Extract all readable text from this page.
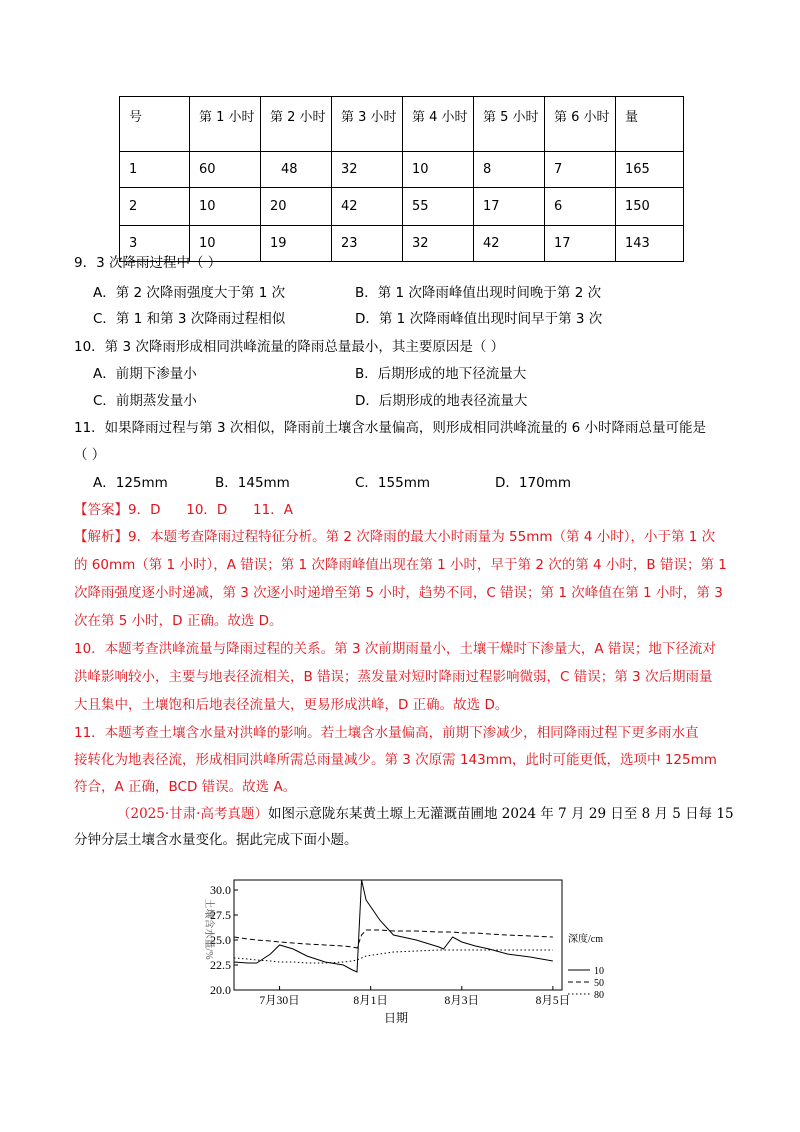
号	第 1 小时	第 2 小时	第 3 小时	第 4 小时	第 5 小时	第 6 小时	量
1	60	48	32	10	8	7	165
2	10	20	42	55	17	6	150
3	10	19	23	32	42	17	143
9．3 次降雨过程中（ ）
A．第 2 次降雨强度大于第 1 次	B．第 1 次降雨峰值出现时间晚于第 2 次
C．第 1 和第 3 次降雨过程相似	D．第 1 次降雨峰值出现时间早于第 3 次
10．第 3 次降雨形成相同洪峰流量的降雨总量最小，其主要原因是（ ）
A．前期下渗量小	B．后期形成的地下径流量大
C．前期蒸发量小	D．后期形成的地表径流量大
11．如果降雨过程与第 3 次相似，降雨前土壤含水量偏高，则形成相同洪峰流量的 6 小时降雨总量可能是
（ ）
A．125mm	B．145mm	C．155mm	D．170mm
【答案】9．D      10．D      11．A
【解析】9．本题考查降雨过程特征分析。第 2 次降雨的最大小时雨量为 55mm（第 4 小时），小于第 1 次
的 60mm（第 1 小时），A 错误；第 1 次降雨峰值出现在第 1 小时，早于第 2 次的第 4 小时，B 错误；第 1
次降雨强度逐小时递减，第 3 次逐小时递增至第 5 小时，趋势不同，C 错误；第 1 次峰值在第 1 小时，第 3
次在第 5 小时，D 正确。故选 D。
10．本题考查洪峰流量与降雨过程的关系。第 3 次前期雨量小，土壤干燥时下渗量大，A 错误；地下径流对
洪峰影响较小，主要与地表径流相关，B 错误；蒸发量对短时降雨过程影响微弱，C 错误；第 3 次后期雨量
大且集中，土壤饱和后地表径流量大，更易形成洪峰，D 正确。故选 D。
11．本题考查土壤含水量对洪峰的影响。若土壤含水量偏高，前期下渗减少，相同降雨过程下更多雨水直
接转化为地表径流，形成相同洪峰所需总雨量减少。第 3 次原需 143mm，此时可能更低，选项中 125mm
符合，A 正确，BCD 错误。故选 A。
（2025·甘肃·高考真题）如图示意陇东某黄土塬上无灌溉苗圃地 2024 年 7 月 29 日至 8 月 5 日每 15
分钟分层土壤含水量变化。据此完成下面小题。
30.0
27.5
25.0
22.5
20.0
7月30日	8月1日	8月3日	8月5日
日期
土壤含水量/%	深度/cm
10
50
80
